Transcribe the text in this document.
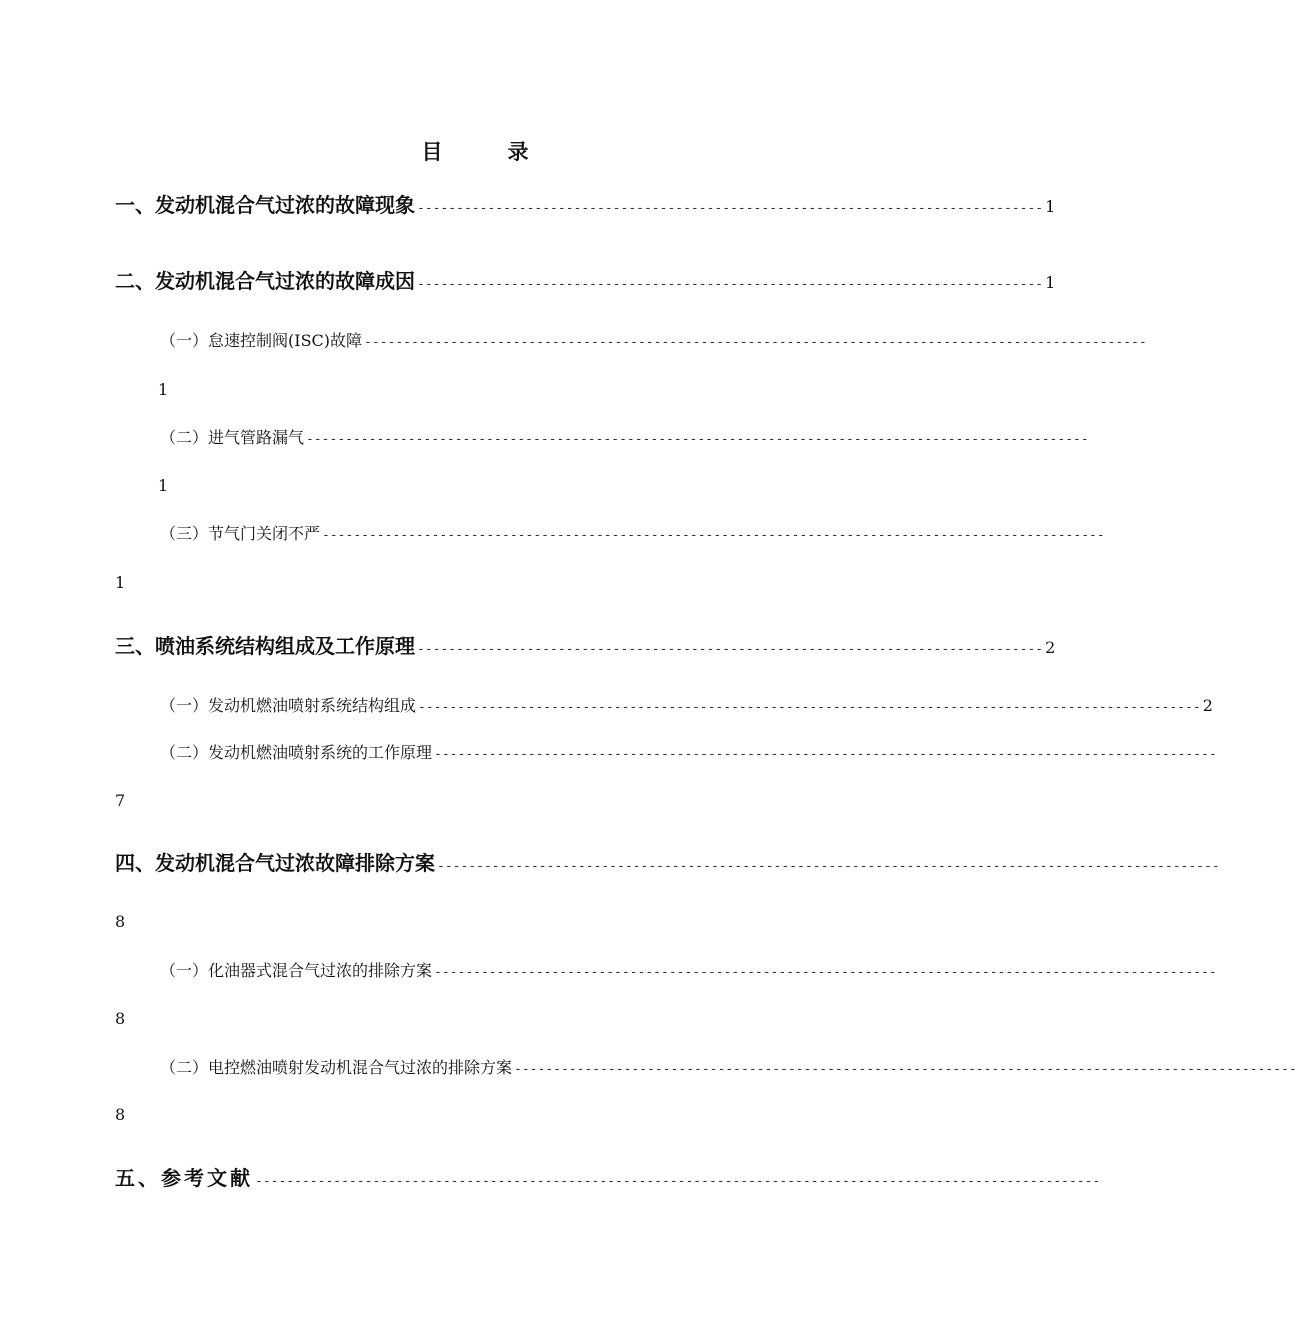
目　录
一、发动机混合气过浓的故障现象 -------------------------------------------------------------------------------- 1
二、发动机混合气过浓的故障成因 -------------------------------------------------------------------------------- 1
（一）怠速控制阀(ISC)故障 ----------------------------------------------------------------------------------------------------
1
（二）进气管路漏气 ----------------------------------------------------------------------------------------------------
1
（三）节气门关闭不严 ----------------------------------------------------------------------------------------------------
1
三、喷油系统结构组成及工作原理 -------------------------------------------------------------------------------- 2
（一）发动机燃油喷射系统结构组成 ---------------------------------------------------------------------------------------------------- 2
（二）发动机燃油喷射系统的工作原理 ----------------------------------------------------------------------------------------------------
7
四、发动机混合气过浓故障排除方案 ----------------------------------------------------------------------------------------------------
8
（一）化油器式混合气过浓的排除方案 ----------------------------------------------------------------------------------------------------
8
（二）电控燃油喷射发动机混合气过浓的排除方案 ----------------------------------------------------------------------------------------------------
8
五、参考文献 ------------------------------------------------------------------------------------------------------------
